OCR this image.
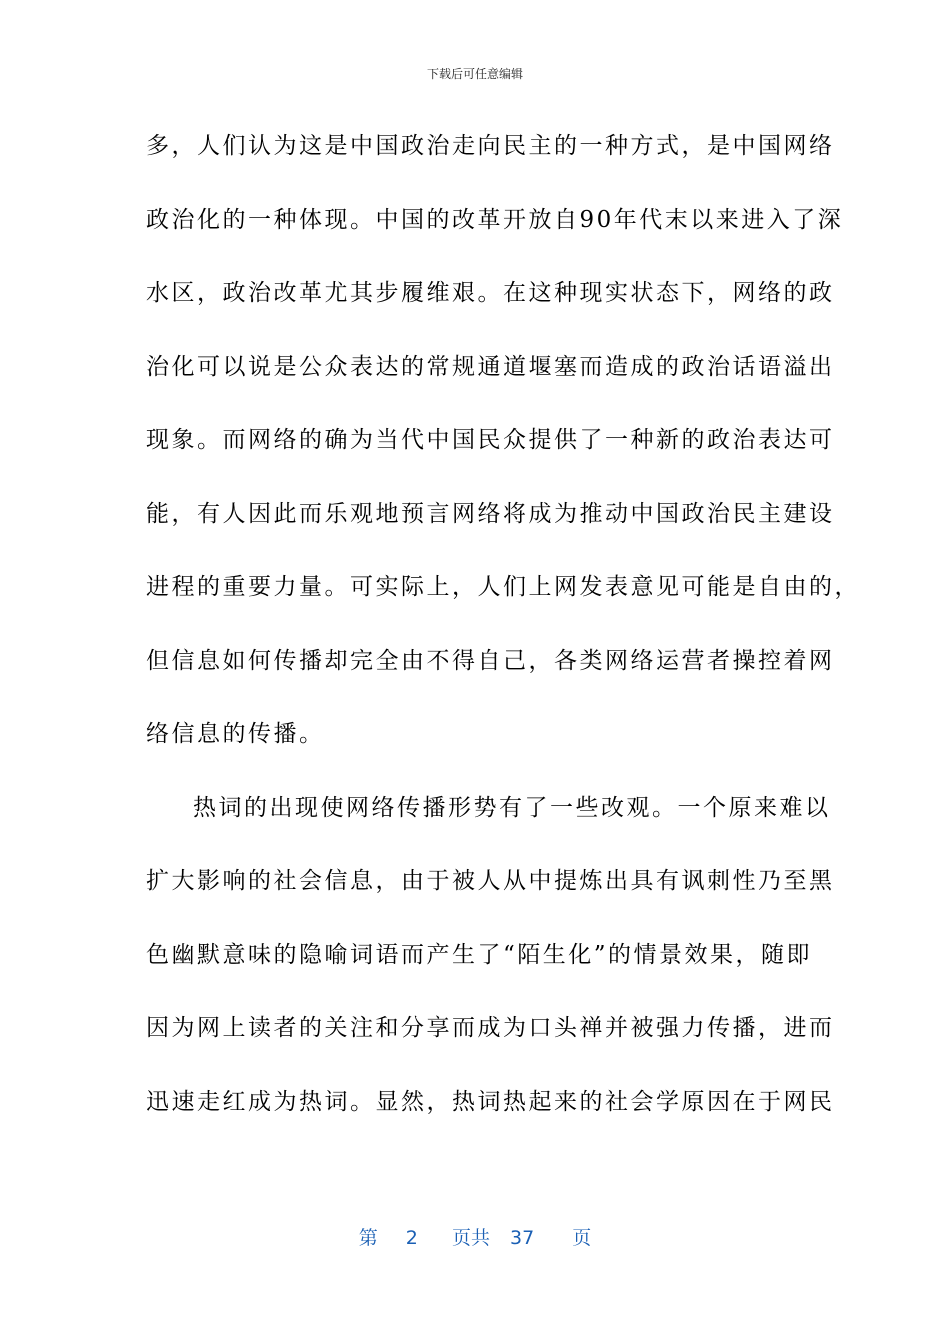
下载后可任意编辑
多，人们认为这是中国政治走向民主的一种方式，是中国网络
政治化的一种体现。中国的改革开放自90年代末以来进入了深
水区，政治改革尤其步履维艰。在这种现实状态下，网络的政
治化可以说是公众表达的常规通道堰塞而造成的政治话语溢出
现象。而网络的确为当代中国民众提供了一种新的政治表达可
能，有人因此而乐观地预言网络将成为推动中国政治民主建设
进程的重要力量。可实际上，人们上网发表意见可能是自由的，
但信息如何传播却完全由不得自己，各类网络运营者操控着网
络信息的传播。
热词的出现使网络传播形势有了一些改观。一个原来难以
扩大影响的社会信息，由于被人从中提炼出具有讽刺性乃至黑
色幽默意味的隐喻词语而产生了“陌生化”的情景效果，随即
因为网上读者的关注和分享而成为口头禅并被强力传播，进而
迅速走红成为热词。显然，热词热起来的社会学原因在于网民
第 2 页共 37 页
